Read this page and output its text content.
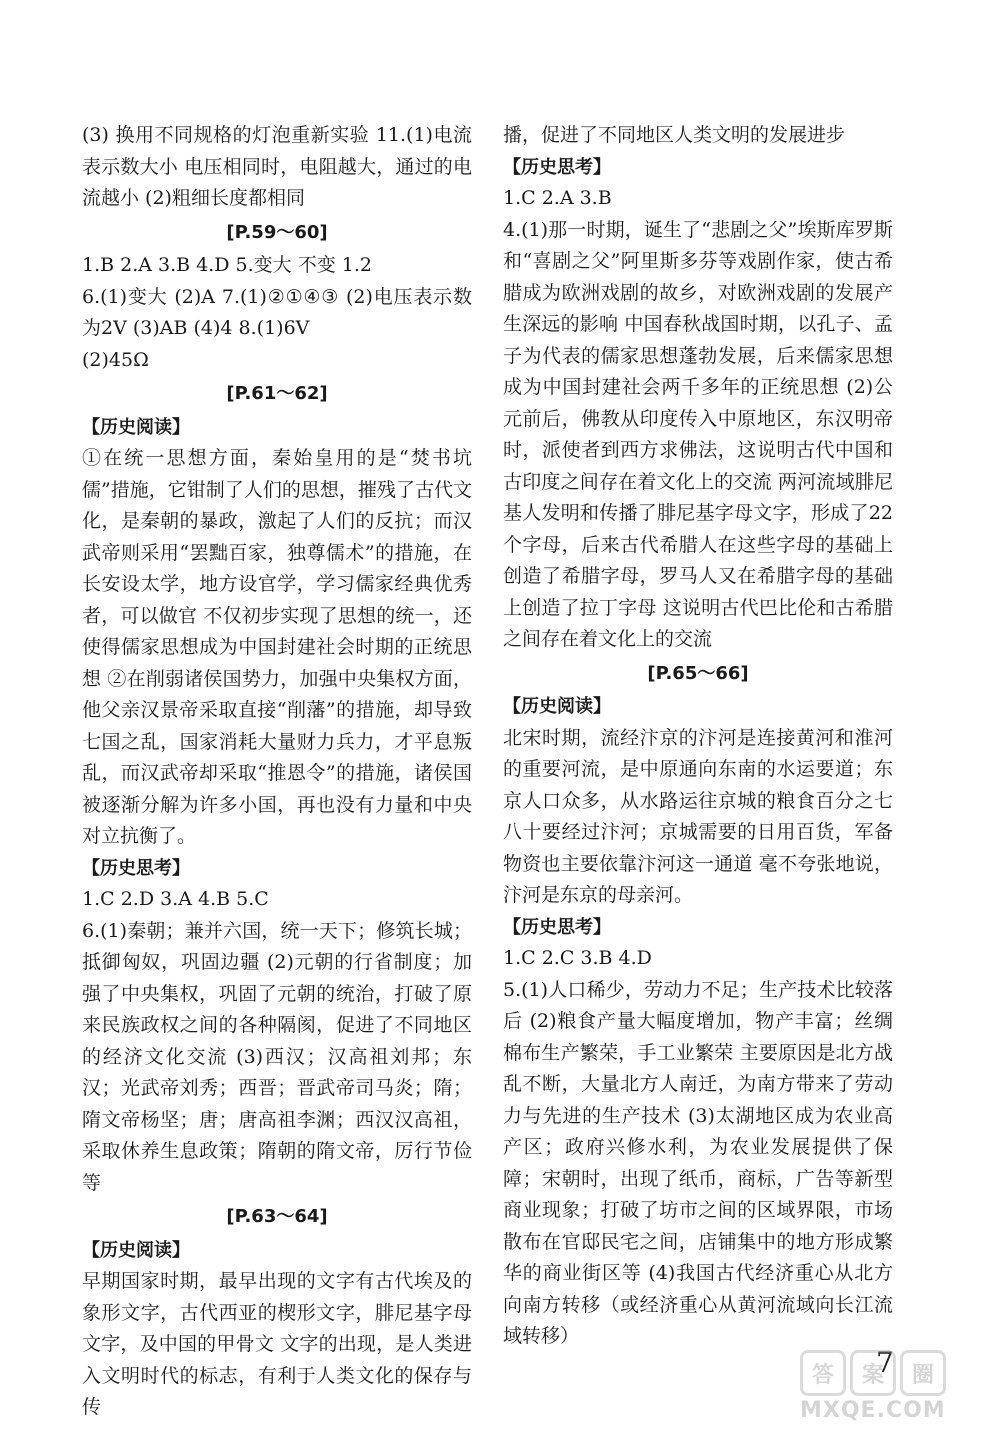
(3) 换用不同规格的灯泡重新实验 11.(1)电流表示数大小 电压相同时，电阻越大，通过的电流越小 (2)粗细长度都相同
[P.59～60]
1.B 2.A 3.B 4.D 5.变大 不变 1.2
6.(1)变大 (2)A 7.(1)②①④③ (2)电压表示数为2V (3)AB (4)4 8.(1)6V
(2)45Ω
[P.61～62]
【历史阅读】
①在统一思想方面，秦始皇用的是“焚书坑儒”措施，它钳制了人们的思想，摧残了古代文化，是秦朝的暴政，激起了人们的反抗；而汉武帝则采用“罢黜百家，独尊儒术”的措施，在长安设太学，地方设官学，学习儒家经典优秀者，可以做官 不仅初步实现了思想的统一，还使得儒家思想成为中国封建社会时期的正统思想 ②在削弱诸侯国势力，加强中央集权方面，他父亲汉景帝采取直接“削藩”的措施，却导致七国之乱，国家消耗大量财力兵力，才平息叛乱，而汉武帝却采取“推恩令”的措施，诸侯国被逐渐分解为许多小国，再也没有力量和中央对立抗衡了。
【历史思考】
1.C 2.D 3.A 4.B 5.C
6.(1)秦朝；兼并六国，统一天下；修筑长城；抵御匈奴，巩固边疆 (2)元朝的行省制度；加强了中央集权，巩固了元朝的统治，打破了原来民族政权之间的各种隔阂，促进了不同地区的经济文化交流 (3)西汉；汉高祖刘邦；东汉；光武帝刘秀；西晋；晋武帝司马炎；隋；隋文帝杨坚；唐；唐高祖李渊；西汉汉高祖，采取休养生息政策；隋朝的隋文帝，厉行节俭等
[P.63～64]
【历史阅读】
早期国家时期，最早出现的文字有古代埃及的象形文字，古代西亚的楔形文字，腓尼基字母文字，及中国的甲骨文 文字的出现，是人类进入文明时代的标志，有利于人类文化的保存与传
播，促进了不同地区人类文明的发展进步
【历史思考】
1.C 2.A 3.B
4.(1)那一时期，诞生了“悲剧之父”埃斯库罗斯和“喜剧之父”阿里斯多芬等戏剧作家，使古希腊成为欧洲戏剧的故乡，对欧洲戏剧的发展产生深远的影响 中国春秋战国时期，以孔子、孟子为代表的儒家思想蓬勃发展，后来儒家思想成为中国封建社会两千多年的正统思想 (2)公元前后，佛教从印度传入中原地区，东汉明帝时，派使者到西方求佛法，这说明古代中国和古印度之间存在着文化上的交流 两河流域腓尼基人发明和传播了腓尼基字母文字，形成了22个字母，后来古代希腊人在这些字母的基础上创造了希腊字母，罗马人又在希腊字母的基础上创造了拉丁字母 这说明古代巴比伦和古希腊之间存在着文化上的交流
[P.65～66]
【历史阅读】
北宋时期，流经汴京的汴河是连接黄河和淮河的重要河流，是中原通向东南的水运要道；东京人口众多，从水路运往京城的粮食百分之七八十要经过汴河；京城需要的日用百货，军备物资也主要依靠汴河这一通道 毫不夸张地说，汴河是东京的母亲河。
【历史思考】
1.C 2.C 3.B 4.D
5.(1)人口稀少，劳动力不足；生产技术比较落后 (2)粮食产量大幅度增加，物产丰富；丝绸棉布生产繁荣，手工业繁荣 主要原因是北方战乱不断，大量北方人南迁，为南方带来了劳动力与先进的生产技术 (3)太湖地区成为农业高产区；政府兴修水利，为农业发展提供了保障；宋朝时，出现了纸币，商标，广告等新型商业现象；打破了坊市之间的区域界限，市场散布在官邸民宅之间，店铺集中的地方形成繁华的商业街区等 (4)我国古代经济重心从北方向南方转移（或经济重心从黄河流域向长江流域转移）
7
答	案	圈
MXQE.COM
